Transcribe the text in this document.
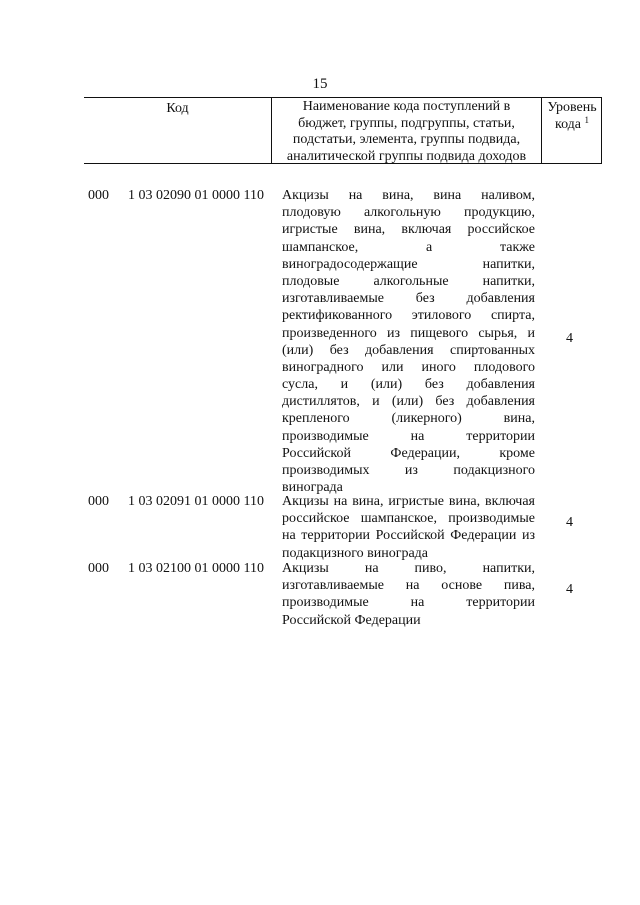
15
Код	Наименование кода поступлений в
бюджет, группы, подгруппы, статьи,
подстатьи, элемента, группы подвида,
аналитической группы подвида доходов
Уровень
кода $^1$
000 1 03 02090 01 0000 110 Акцизы на вина, вина наливом,
плодовую алкогольную продукцию,
игристые вина, включая российское
шампанское, а также
виноградосодержащие напитки,
плодовые алкогольные напитки,
изготавливаемые без добавления
ректификованного этилового спирта,
произведенного из пищевого сырья, и
(или) без добавления спиртованных
виноградного или иного плодового
сусла, и (или) без добавления
дистиллятов, и (или) без добавления
крепленого (ликерного) вина,
производимые на территории
Российской Федерации, кроме
производимых из подакцизного
винограда
4
000 1 03 02091 01 0000 110 Акцизы на вина, игристые вина, включая
российское шампанское, производимые
на территории Российской Федерации из
подакцизного винограда
4
000 1 03 02100 01 0000 110 Акцизы на пиво, напитки,
изготавливаемые на основе пива,
производимые на территории
Российской Федерации
4
